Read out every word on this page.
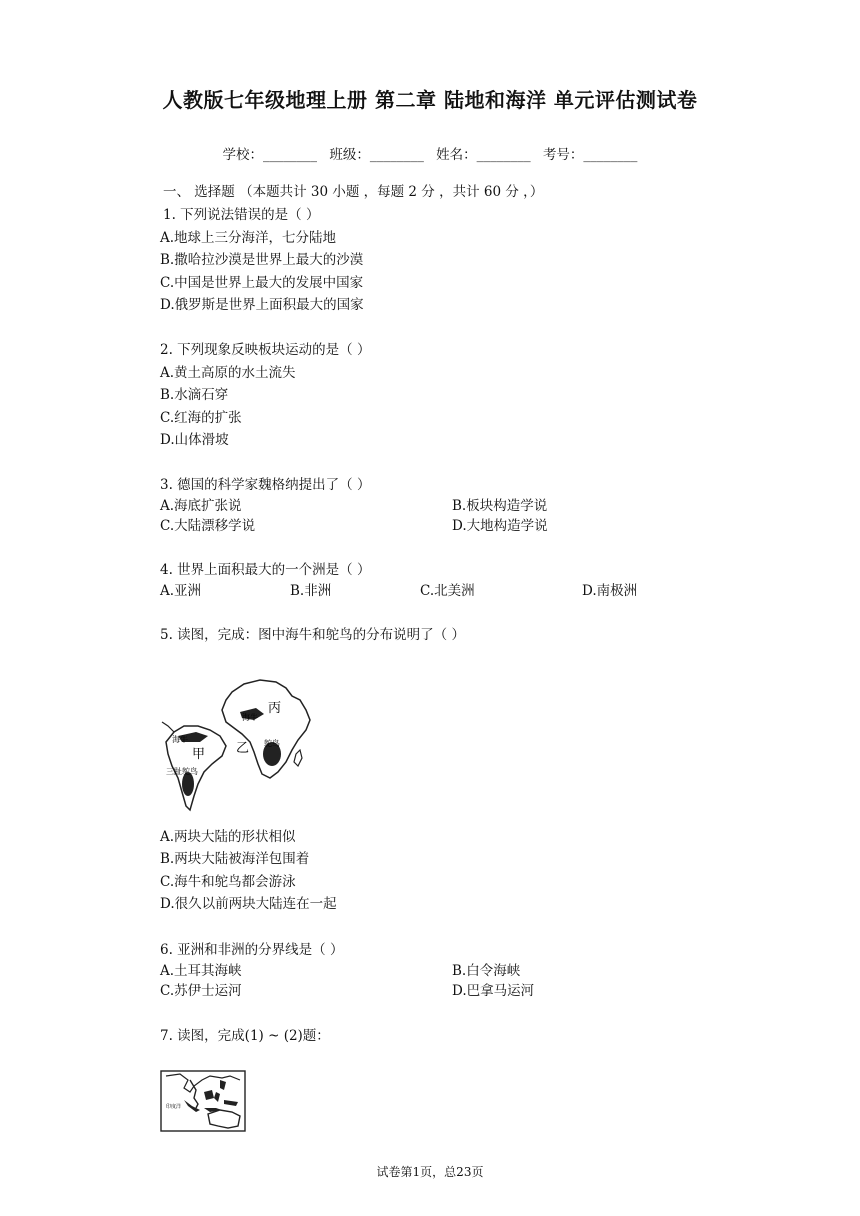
人教版七年级地理上册 第二章 陆地和海洋 单元评估测试卷
学校：________ 班级：________ 姓名：________ 考号：________
一、 选择题 （本题共计 30 小题 ，每题 2 分 ，共计 60 分 ，）
1. 下列说法错误的是（ ）
A.地球上三分海洋，七分陆地
B.撒哈拉沙漠是世界上最大的沙漠
C.中国是世界上最大的发展中国家
D.俄罗斯是世界上面积最大的国家
2. 下列现象反映板块运动的是（ ）
A.黄土高原的水土流失
B.水滴石穿
C.红海的扩张
D.山体滑坡
3. 德国的科学家魏格纳提出了（ ）
A.海底扩张说	B.板块构造学说
C.大陆漂移学说	D.大地构造学说
4. 世界上面积最大的一个洲是（ ）
A.亚洲	B.非洲	C.北美洲	D.南极洲
5. 读图，完成：图中海牛和鸵鸟的分布说明了（ ）
丙
海牛
鸵鸟
乙
海牛
甲
三趾鸵鸟
A.两块大陆的形状相似
B.两块大陆被海洋包围着
C.海牛和鸵鸟都会游泳
D.很久以前两块大陆连在一起
6. 亚洲和非洲的分界线是（ ）
A.土耳其海峡	B.白令海峡
C.苏伊士运河	D.巴拿马运河
7. 读图，完成(1) ~ (2)题：
印度洋
试卷第1页，总23页
